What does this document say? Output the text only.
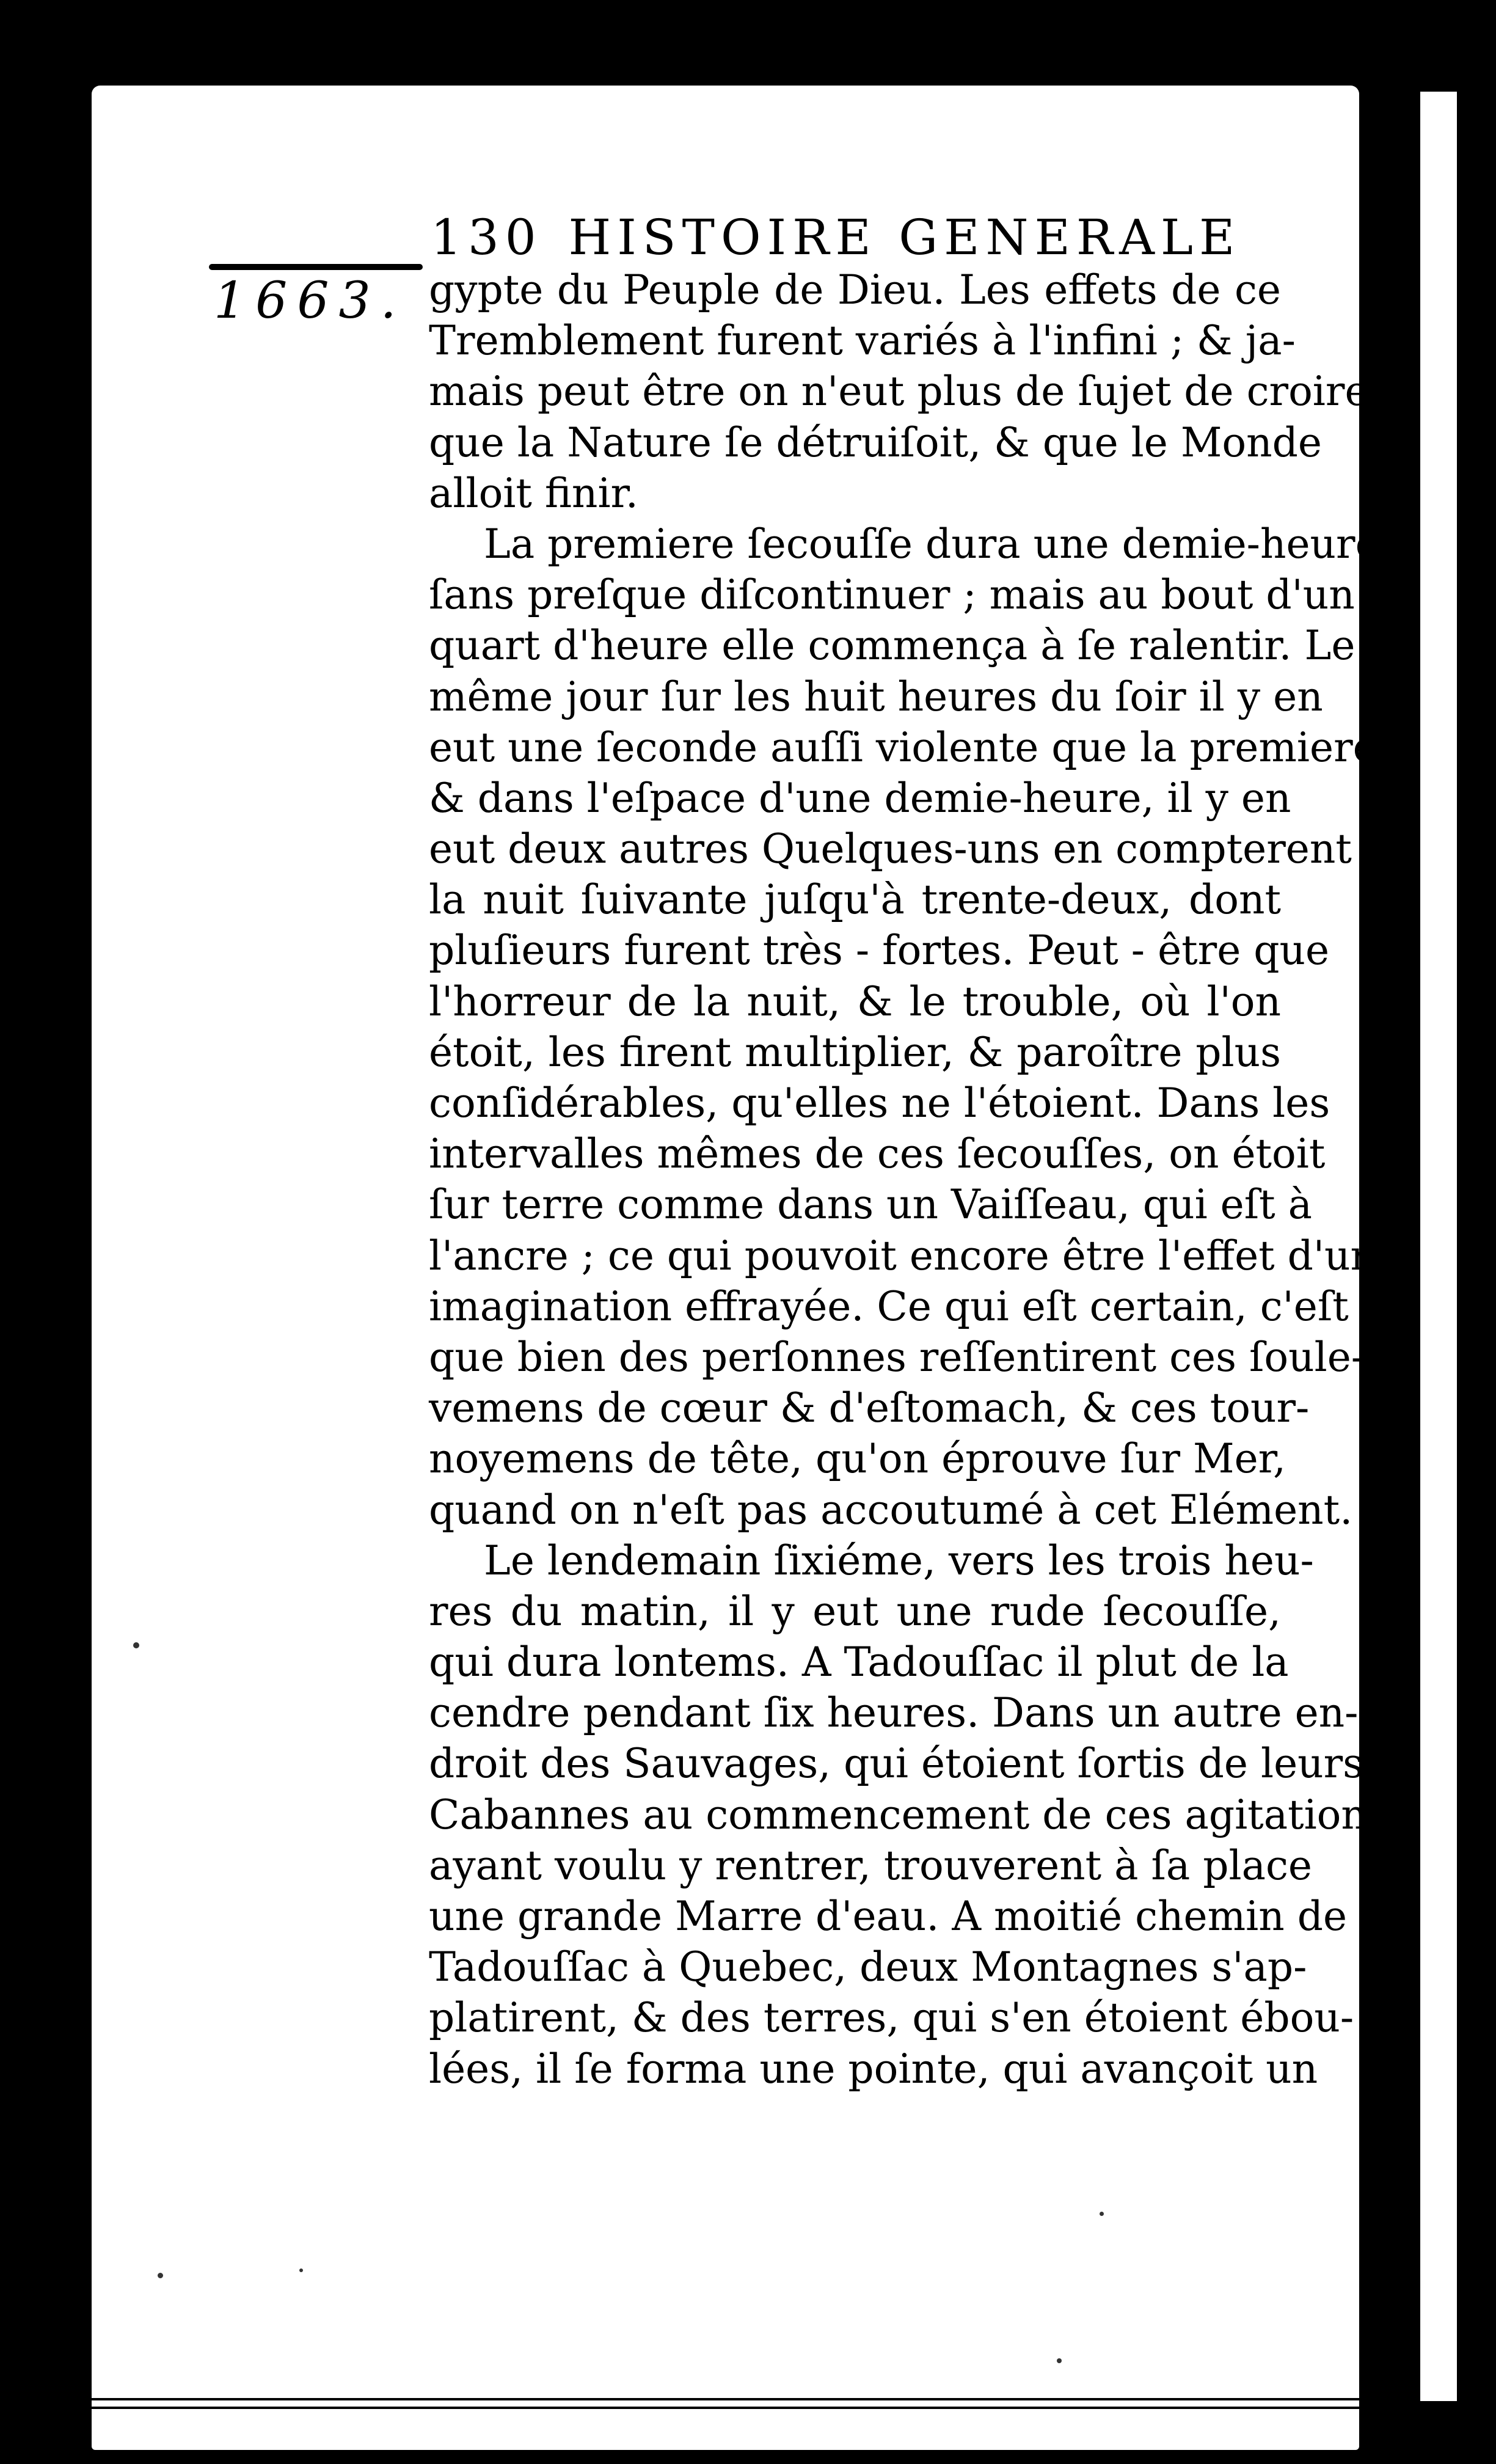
130 HISTOIRE GENERALE
1663. gypte du Peuple de Dieu. Les effets de ce
Tremblement furent variés à l'infini ; & ja-
mais peut être on n'eut plus de ſujet de croire
que la Nature ſe détruiſoit, & que le Monde
alloit finir.
La premiere ſecouſſe dura une demie-heure,
ſans preſque diſcontinuer ; mais au bout d'un
quart d'heure elle commença à ſe ralentir. Le
même jour ſur les huit heures du ſoir il y en
eut une ſeconde auſſi violente que la premiere;
& dans l'eſpace d'une demie-heure, il y en
eut deux autres Quelques-uns en compterent
la nuit ſuivante juſqu'à trente-deux, dont
pluſieurs furent très - fortes. Peut - être que
l'horreur de la nuit, & le trouble, où l'on
étoit, les firent multiplier, & paroître plus
conſidérables, qu'elles ne l'étoient. Dans les
intervalles mêmes de ces ſecouſſes, on étoit
ſur terre comme dans un Vaiſſeau, qui eſt à
l'ancre ; ce qui pouvoit encore être l'effet d'une
imagination effrayée. Ce qui eſt certain, c'eſt
que bien des perſonnes reſſentirent ces ſoule-
vemens de cœur & d'eſtomach, & ces tour-
noyemens de tête, qu'on éprouve ſur Mer,
quand on n'eſt pas accoutumé à cet Elément.
Le lendemain ſixiéme, vers les trois heu-
res du matin, il y eut une rude ſecouſſe,
qui dura lontems. A Tadouſſac il plut de la
cendre pendant ſix heures. Dans un autre en-
droit des Sauvages, qui étoient ſortis de leurs
Cabannes au commencement de ces agitations,
ayant voulu y rentrer, trouverent à ſa place
une grande Marre d'eau. A moitié chemin de
Tadouſſac à Quebec, deux Montagnes s'ap-
platirent, & des terres, qui s'en étoient ébou-
lées, il ſe forma une pointe, qui avançoit un
